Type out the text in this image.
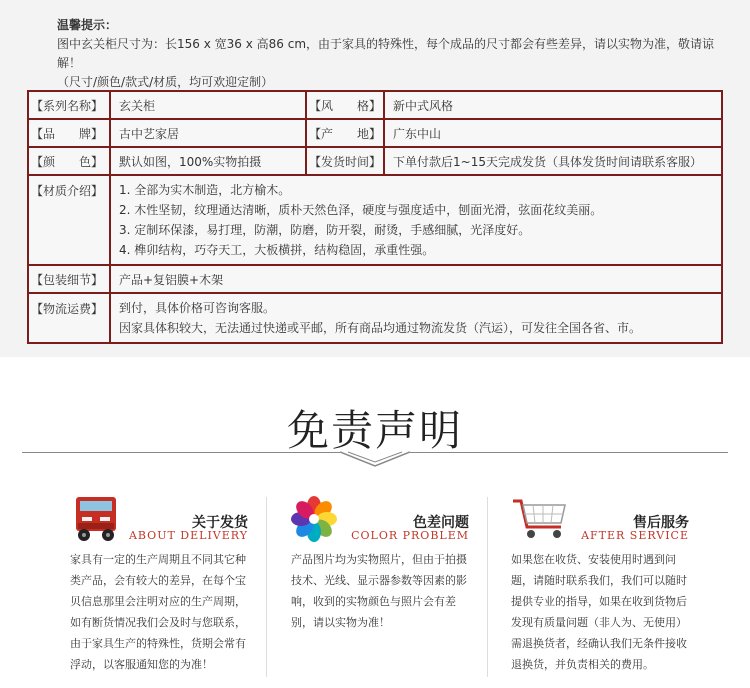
温馨提示：
图中玄关柜尺寸为：长156 x 宽36 x 高86 cm，由于家具的特殊性，每个成品的尺寸都会有些差异，请以实物为准，敬请谅解！
（尺寸/颜色/款式/材质，均可欢迎定制）
【系列名称】	玄关柜	【风　　格】	新中式风格
【品　　牌】	古中艺家居	【产　　地】	广东中山
【颜　　色】	默认如图，100%实物拍摄	【发货时间】	下单付款后1~15天完成发货（具体发货时间请联系客服）
【材质介绍】	1. 全部为实木制造，北方榆木。
2. 木性坚韧，纹理通达清晰，质朴天然色泽，硬度与强度适中，刨面光滑，弦面花纹美丽。
3. 定制环保漆，易打理，防潮，防磨，防开裂，耐烫，手感细腻，光泽度好。
4. 榫卯结构，巧夺天工，大板横拼，结构稳固，承重性强。		

【包装细节】	产品+复铝膜+木架		
【物流运费】	到付，具体价格可咨询客服。
因家具体积较大，无法通过快递或平邮，所有商品均通过物流发货（汽运），可发往全国各省、市。		
免责声明
关于发货
ABOUT DELIVERY
家具有一定的生产周期且不同其它种类产品，会有较大的差异，在每个宝贝信息那里会注明对应的生产周期，如有断货情况我们会及时与您联系，由于家具生产的特殊性，货期会常有浮动，以客服通知您的为准！
色差问题
COLOR PROBLEM
产品图片均为实物照片，但由于拍摄技术、光线、显示器参数等因素的影响，收到的实物颜色与照片会有差别，请以实物为准！
售后服务
AFTER SERVICE
如果您在收货、安装使用时遇到问题，请随时联系我们，我们可以随时提供专业的指导，如果在收到货物后发现有质量问题（非人为、无使用）需退换货者，经确认我们无条件接收退换货，并负责相关的费用。
